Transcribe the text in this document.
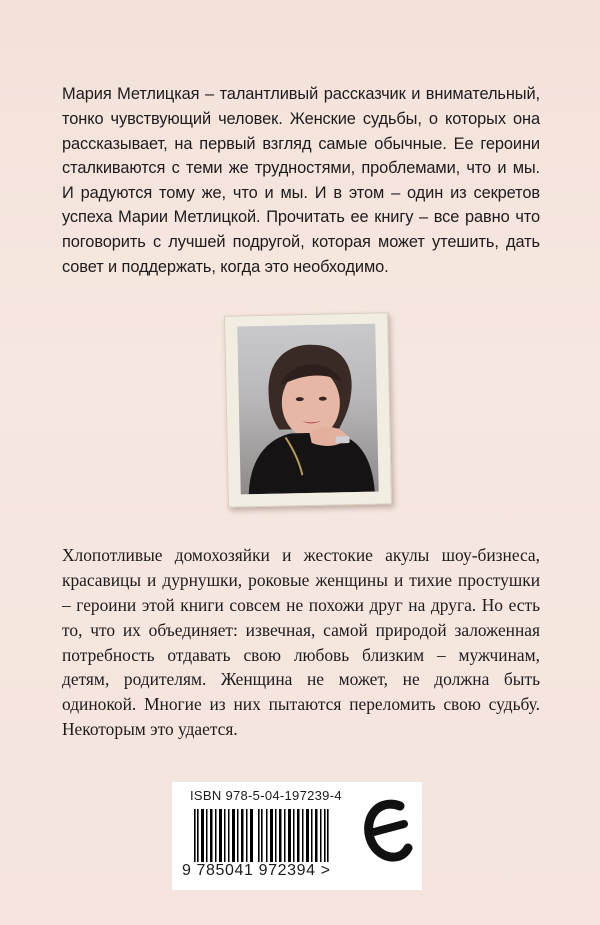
Мария Метлицкая – талантливый рассказчик и внимательный, тонко чувствующий человек. Женские судьбы, о которых она рассказывает, на первый взгляд самые обычные. Ее героини сталкиваются с теми же трудностями, проблемами, что и мы. И радуются тому же, что и мы. И в этом – один из секретов успеха Марии Метлицкой. Прочитать ее книгу – все равно что поговорить с лучшей подругой, которая может утешить, дать совет и поддержать, когда это необходимо.

Хлопотливые домохозяйки и жестокие акулы шоу-бизнеса, красавицы и дурнушки, роковые женщины и тихие простушки – героини этой книги совсем не похожи друг на друга. Но есть то, что их объединяет: извечная, самой природой заложенная потребность отдавать свою любовь близким – мужчинам, детям, родителям. Женщина не может, не должна быть одинокой. Многие из них пытаются переломить свою судьбу. Некоторым это удается.

ISBN 978-5-04-197239-4
9 785041 972394 >
